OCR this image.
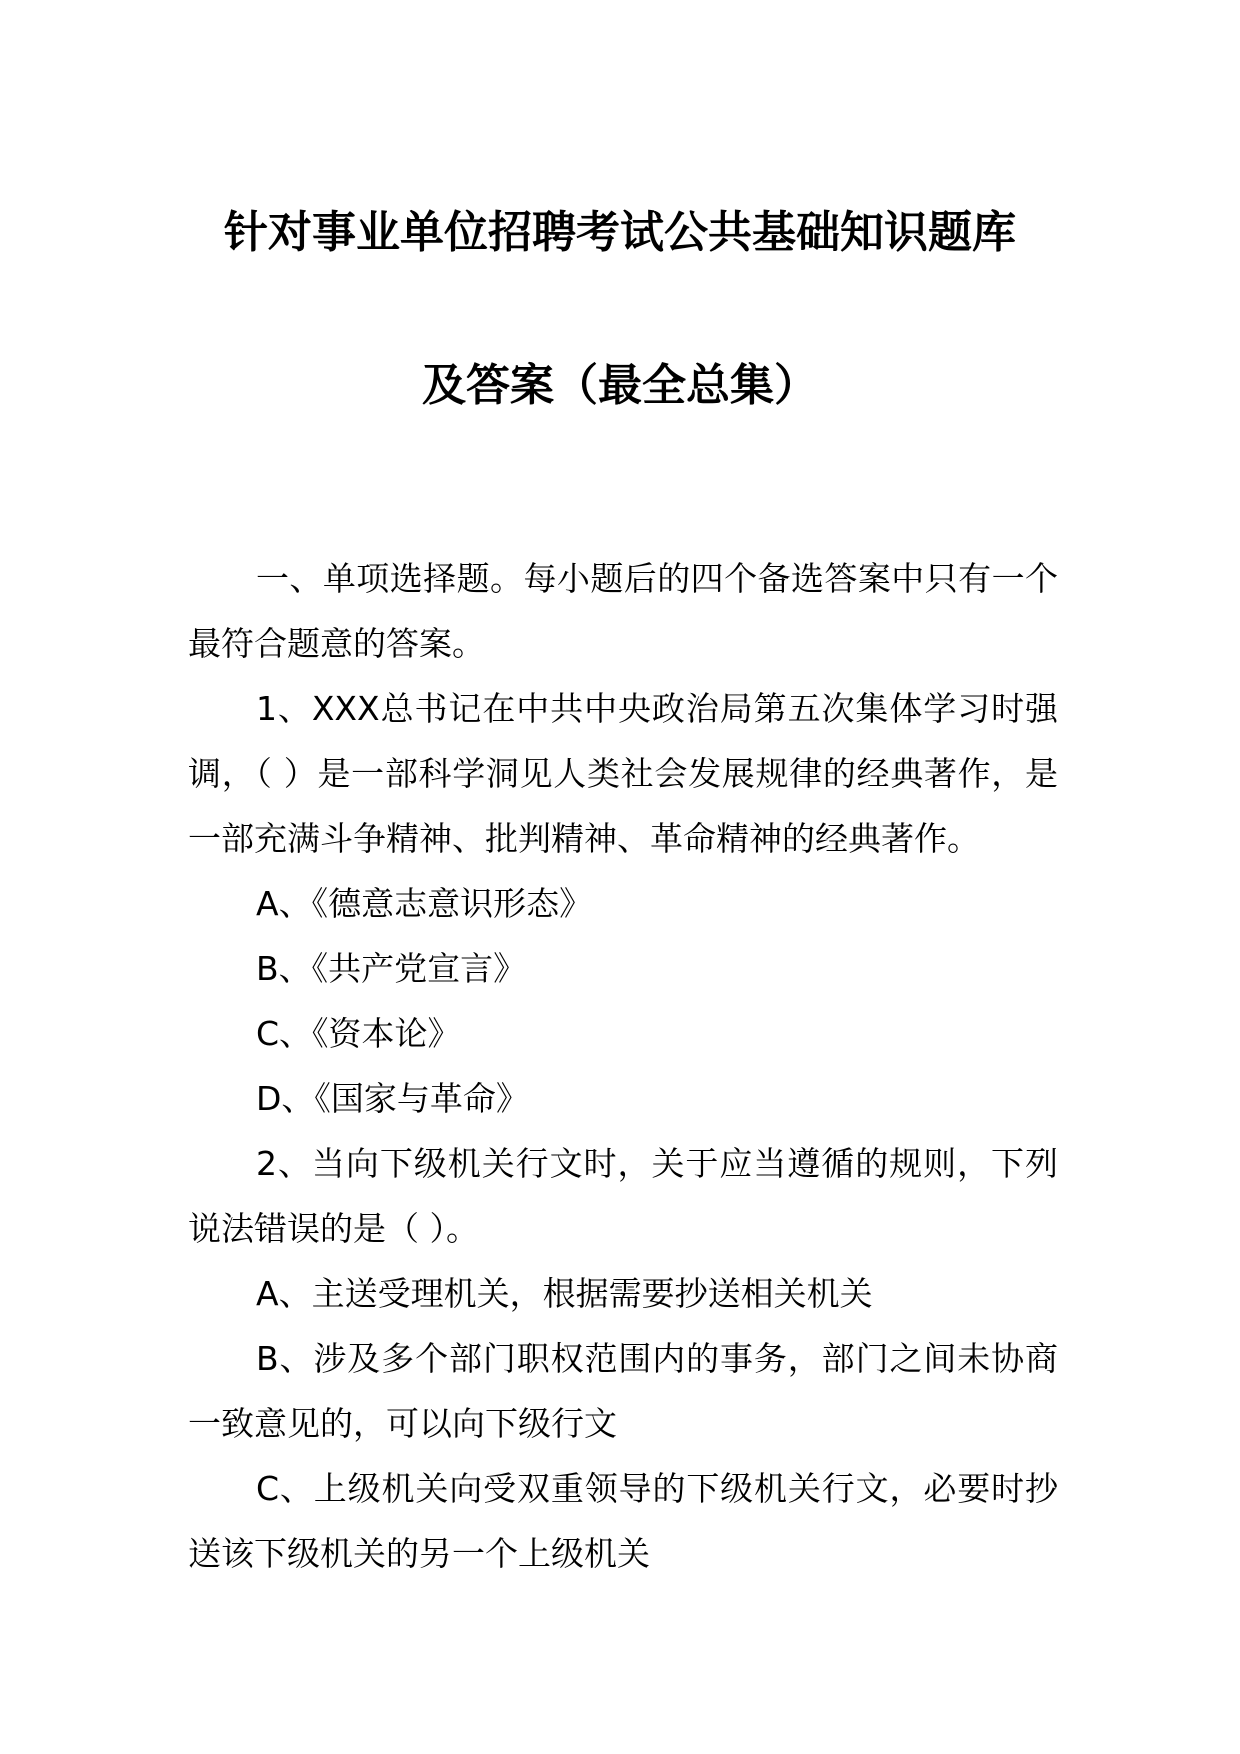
针对事业单位招聘考试公共基础知识题库
及答案（最全总集）

一、单项选择题。每小题后的四个备选答案中只有一个最符合题意的答案。

1、XXX总书记在中共中央政治局第五次集体学习时强调，（ ）是一部科学洞见人类社会发展规律的经典著作，是一部充满斗争精神、批判精神、革命精神的经典著作。

A、《德意志意识形态》

B、《共产党宣言》

C、《资本论》

D、《国家与革命》

2、当向下级机关行文时，关于应当遵循的规则，下列说法错误的是（ ）。

A、主送受理机关，根据需要抄送相关机关

B、涉及多个部门职权范围内的事务，部门之间未协商一致意见的，可以向下级行文

C、上级机关向受双重领导的下级机关行文，必要时抄送该下级机关的另一个上级机关
